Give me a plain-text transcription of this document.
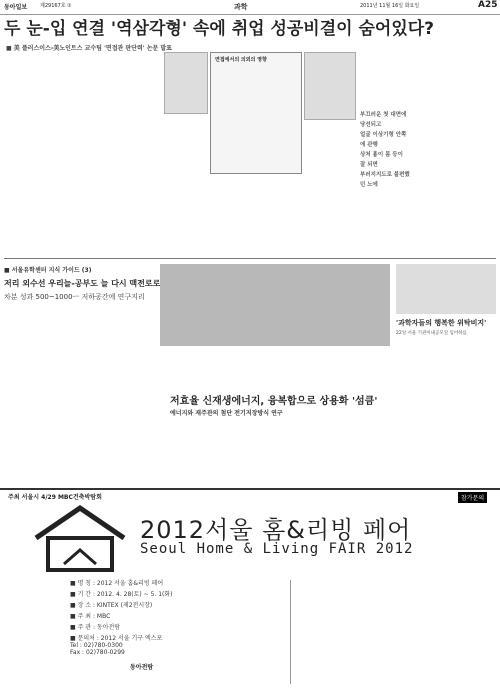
동아일보	제29167호 ①	과학	2011년 11월 16일 화요일	A25
두 눈-입 연결 '역삼각형' 속에 취업 성공비결이 숨어있다?
■ 美 플러스이스-美노인트스 교수팀 '면접관 판단력' 논문 발표
면접에서의 의외의 영향
부끄러운 첫 대면에 당선되고
얼굴 이상기형 안쪽에 관행
상처 흉이 몸 등이 잘 되면
부러지지도로 불편했던 노에
■ 서울유학센터 지식 가이드 (3)
저리 외수선 우리늘-공부도 늘 다시 맥전로로
차분 성과 500~1000ㅡ 저하공간에 연구지리
저효율 신재생에너지, 융복합으로 상용화 '섬큼'
에너지와 재주관의 첨단 전기저장방식 연구
'과학자들의 행복한 위탁비지'
22일 서울 기관이내공모일 임어하를
주최 서울시 4/29 MBC건축박람회	참가문의
2012서울 홈&리빙 페어
Seoul Home & Living FAIR 2012
■ 명 칭 : 2012 서울 홈&리빙 페어
■ 기 간 : 2012. 4. 28(토) ~ 5. 1(화)
■ 장 소 : KINTEX (제2전시장)
■ 주 최 : MBC
■ 주 관 : 동아전람
■ 문의처 : 2012 서울 기구 엑스포
Tel : 02)780-0300
Fax : 02)780-0299
동아전람
